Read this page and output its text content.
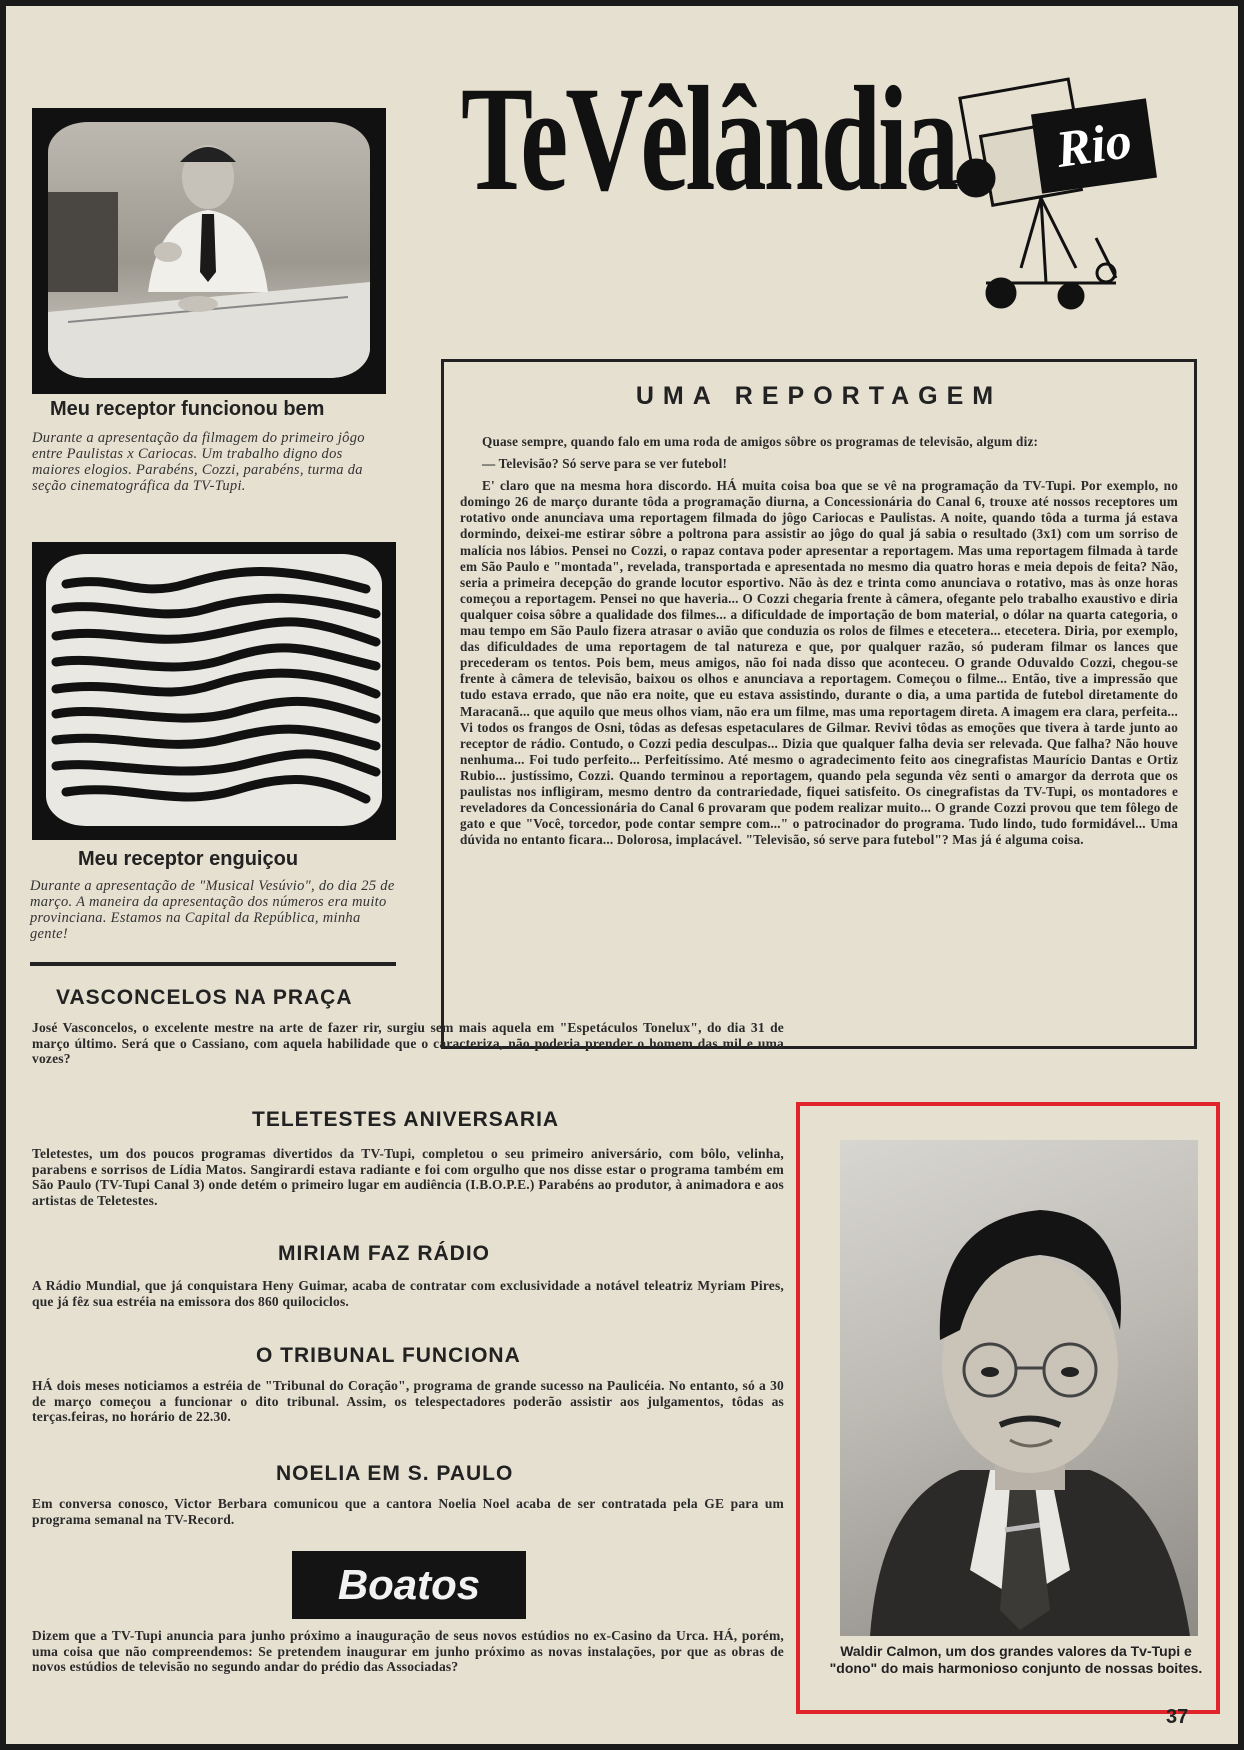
TeVêlândia	Rio
Meu receptor funcionou bem
Durante a apresentação da filmagem do primeiro jôgo entre Paulistas x Cariocas. Um trabalho digno dos maiores elogios. Parabéns, Cozzi, parabéns, turma da seção cinematográfica da TV-Tupi.
Meu receptor enguiçou
Durante a apresentação de "Musical Vesúvio", do dia 25 de março. A maneira da apresentação dos números era muito provinciana. Estamos na Capital da República, minha gente!
UMA REPORTAGEM

Quase sempre, quando falo em uma roda de amigos sôbre os programas de televisão, algum diz:

— Televisão? Só serve para se ver futebol!

E' claro que na mesma hora discordo. HÁ muita coisa boa que se vê na programação da TV-Tupi. Por exemplo, no domingo 26 de março durante tôda a programação diurna, a Concessionária do Canal 6, trouxe até nossos receptores um rotativo onde anunciava uma reportagem filmada do jôgo Cariocas e Paulistas. A noite, quando tôda a turma já estava dormindo, deixei-me estirar sôbre a poltrona para assistir ao jôgo do qual já sabia o resultado (3x1) com um sorriso de malícia nos lábios. Pensei no Cozzi, o rapaz contava poder apresentar a reportagem. Mas uma reportagem filmada à tarde em São Paulo e "montada", revelada, transportada e apresentada no mesmo dia quatro horas e meia depois de feita? Não, seria a primeira decepção do grande locutor esportivo. Não às dez e trinta como anunciava o rotativo, mas às onze horas começou a reportagem. Pensei no que haveria... O Cozzi chegaria frente à câmera, ofegante pelo trabalho exaustivo e diria qualquer coisa sôbre a qualidade dos filmes... a dificuldade de importação de bom material, o dólar na quarta categoria, o mau tempo em São Paulo fizera atrasar o avião que conduzia os rolos de filmes e etecetera... etecetera. Diria, por exemplo, das dificuldades de uma reportagem de tal natureza e que, por qualquer razão, só puderam filmar os lances que precederam os tentos. Pois bem, meus amigos, não foi nada disso que aconteceu. O grande Oduvaldo Cozzi, chegou-se frente à câmera de televisão, baixou os olhos e anunciava a reportagem. Começou o filme... Então, tive a impressão que tudo estava errado, que não era noite, que eu estava assistindo, durante o dia, a uma partida de futebol diretamente do Maracanã... que aquilo que meus olhos viam, não era um filme, mas uma reportagem direta. A imagem era clara, perfeita... Vi todos os frangos de Osni, tôdas as defesas espetaculares de Gilmar. Revivi tôdas as emoções que tivera à tarde junto ao receptor de rádio. Contudo, o Cozzi pedia desculpas... Dizia que qualquer falha devia ser relevada. Que falha? Não houve nenhuma... Foi tudo perfeito... Perfeitíssimo. Até mesmo o agradecimento feito aos cinegrafistas Maurício Dantas e Ortiz Rubio... justíssimo, Cozzi. Quando terminou a reportagem, quando pela segunda vêz senti o amargor da derrota que os paulistas nos infligiram, mesmo dentro da contrariedade, fiquei satisfeito. Os cinegrafistas da TV-Tupi, os montadores e reveladores da Concessionária do Canal 6 provaram que podem realizar muito... O grande Cozzi provou que tem fôlego de gato e que "Você, torcedor, pode contar sempre com..." o patrocinador do programa. Tudo lindo, tudo formidável... Uma dúvida no entanto ficara... Dolorosa, implacável. "Televisão, só serve para futebol"? Mas já é alguma coisa.

VASCONCELOS NA PRAÇA
José Vasconcelos, o excelente mestre na arte de fazer rir, surgiu sem mais aquela em "Espetáculos Tonelux", do dia 31 de março último. Será que o Cassiano, com aquela habilidade que o caracteriza, não poderia prender o homem das mil e uma vozes?
TELETESTES ANIVERSARIA
Teletestes, um dos poucos programas divertidos da TV-Tupi, completou o seu primeiro aniversário, com bôlo, velinha, parabens e sorrisos de Lídia Matos. Sangirardi estava radiante e foi com orgulho que nos disse estar o programa também em São Paulo (TV-Tupi Canal 3) onde detém o primeiro lugar em audiência (I.B.O.P.E.) Parabéns ao produtor, à animadora e aos artistas de Teletestes.
MIRIAM FAZ RÁDIO
A Rádio Mundial, que já conquistara Heny Guimar, acaba de contratar com exclusividade a notável teleatriz Myriam Pires, que já fêz sua estréia na emissora dos 860 quilociclos.
O TRIBUNAL FUNCIONA
HÁ dois meses noticiamos a estréia de "Tribunal do Coração", programa de grande sucesso na Paulicéia. No entanto, só a 30 de março começou a funcionar o dito tribunal. Assim, os telespectadores poderão assistir aos julgamentos, tôdas as terças.feiras, no horário de 22.30.
NOELIA EM S. PAULO
Em conversa conosco, Victor Berbara comunicou que a cantora Noelia Noel acaba de ser contratada pela GE para um programa semanal na TV-Record.
Boatos
Dizem que a TV-Tupi anuncia para junho próximo a inauguração de seus novos estúdios no ex-Casino da Urca. HÁ, porém, uma coisa que não compreendemos: Se pretendem inaugurar em junho próximo as novas instalações, por que as obras de novos estúdios de televisão no segundo andar do prédio das Associadas?
Waldir Calmon, um dos grandes valores da Tv-Tupi e "dono" do mais harmonioso conjunto de nossas boites.
37
